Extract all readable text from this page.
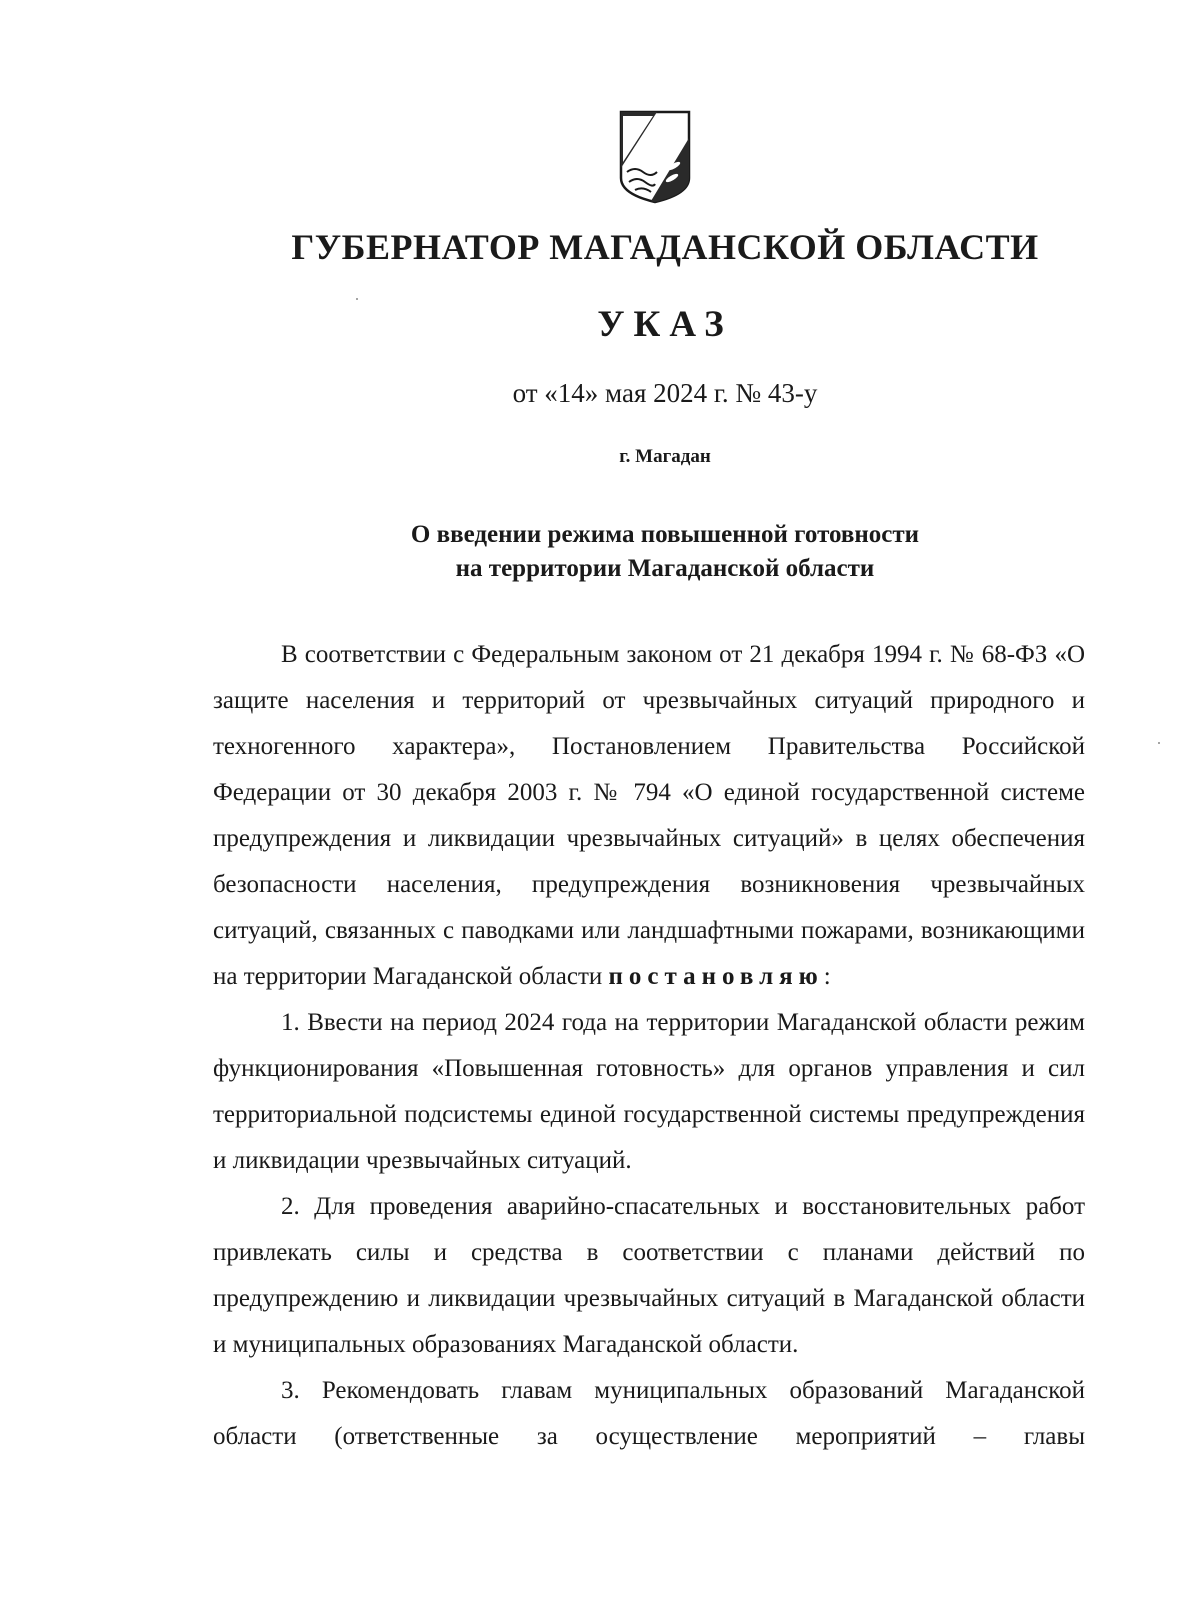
ГУБЕРНАТОР МАГАДАНСКОЙ ОБЛАСТИ
УКАЗ
от «14» мая 2024 г. № 43-у
г. Магадан
О введении режима повышенной готовности
на территории Магаданской области

В соответствии с Федеральным законом от 21 декабря 1994 г. № 68-ФЗ «О защите населения и территорий от чрезвычайных ситуаций природного и техногенного характера», Постановлением Правительства Российской Федерации от 30 декабря 2003 г. № 794 «О единой государственной системе предупреждения и ликвидации чрезвычайных ситуаций» в целях обеспечения безопасности населения, предупреждения возникновения чрезвычайных ситуаций, связанных с паводками или ландшафтными пожарами, возникающими на территории Магаданской области постановляю:

1. Ввести на период 2024 года на территории Магаданской области режим функционирования «Повышенная готовность» для органов управления и сил территориальной подсистемы единой государственной системы предупреждения и ликвидации чрезвычайных ситуаций.

2. Для проведения аварийно-спасательных и восстановительных работ привлекать силы и средства в соответствии с планами действий по предупреждению и ликвидации чрезвычайных ситуаций в Магаданской области и муниципальных образованиях Магаданской области.

3. Рекомендовать главам муниципальных образований Магаданской области (ответственные за осуществление мероприятий – главы
